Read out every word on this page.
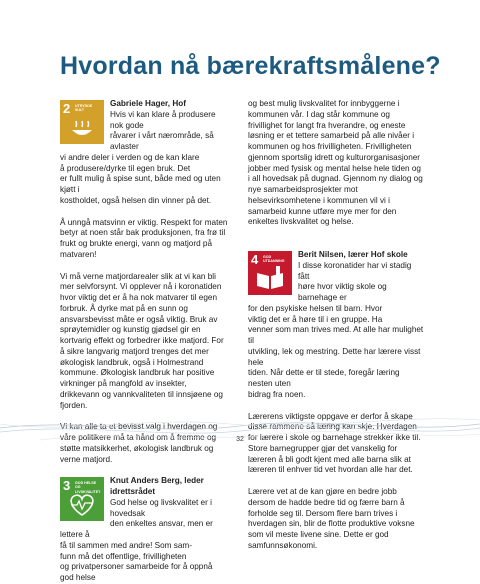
Hvordan nå bærekraftsmålene?
2 UTRYDDE SULT

Gabriele Hager, Hof

Hvis vi kan klare å produsere nok gode

råvarer i vårt nærområde, så avlaster

vi andre deler i verden og de kan klare

å produsere/dyrke til egen bruk. Det

er fullt mulig å spise sunt, både med og uten kjøtt i

kostholdet, også helsen din vinner på det.

Å unngå matsvinn er viktig. Respekt for maten betyr at noen står bak produksjonen, fra frø til frukt og brukte energi, vann og matjord på matvaren!

Vi må verne matjordarealer slik at vi kan bli mer selvforsynt. Vi opplever nå i koronatiden hvor viktig det er å ha nok matvarer til egen forbruk. Å dyrke mat på en sunn og ansvarsbevisst måte er også viktig. Bruk av sprøytemidler og kunstig gjødsel gir en kortvarig effekt og forbedrer ikke matjord. For å sikre langvarig matjord trenges det mer økologisk landbruk, også i Holmestrand kommune. Økologisk landbruk har positive virkninger på mangfold av insekter, drikkevann og vannkvaliteten til innsjøene og fjorden.

Vi kan alle ta et bevisst valg i hverdagen og våre politikere må ta hånd om å fremme og støtte matsikkerhet, økologisk landbruk og verne matjord.

3 GOD HELSE OG LIVSKVALITET

Knut Anders Berg, leder idrettsrådet

God helse og livskvalitet er i hovedsak

den enkeltes ansvar, men er lettere å

få til sammen med andre! Som sam-

funn må det offentlige, frivilligheten

og privatpersoner samarbeide for å oppnå god helse

og best mulig livskvalitet for innbyggerne i kommunen vår. I dag står kommune og frivillighet for langt fra hverandre, og eneste løsning er et tettere samarbeid på alle nivåer i kommunen og hos frivilligheten. Frivilligheten gjennom sportslig idrett og kulturorganisasjoner jobber med fysisk og mental helse hele tiden og i all hovedsak på dugnad. Gjennom ny dialog og nye samarbeidsprosjekter mot helsevirksomhetene i kommunen vil vi i samarbeid kunne utføre mye mer for den enkeltes livskvalitet og helse.

4 GOD UTDANNING

Berit Nilsen, lærer Hof skole

I disse koronatider har vi stadig fått

høre hvor viktig skole og barnehage er

for den psykiske helsen til barn. Hvor

viktig det er å høre til i en gruppe. Ha

venner som man trives med. At alle har mulighet til

utvikling, lek og mestring. Dette har lærere visst hele

tiden. Når dette er til stede, foregår læring nesten uten

bidrag fra noen.

Lærerens viktigste oppgave er derfor å skape disse rammene så læring kan skje. Hverdagen for lærere i skole og barnehage strekker ikke til. Store barnegrupper gjør det vanskelig for læreren å bli godt kjent med alle barna slik at læreren til enhver tid vet hvordan alle har det.

Lærere vet at de kan gjøre en bedre jobb dersom de hadde bedre tid og færre barn å forholde seg til. Dersom flere barn trives i hverdagen sin, blir de flotte produktive voksne som vil meste livene sine. Dette er god samfunnsøkonomi.

32
